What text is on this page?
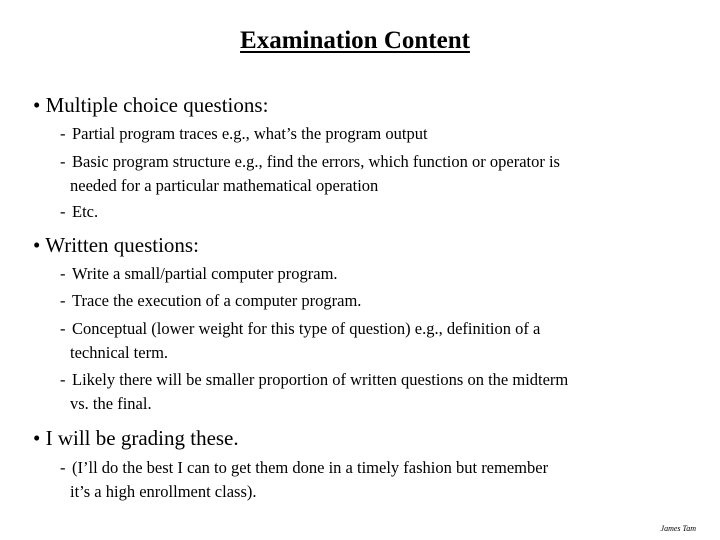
Examination Content
• Multiple choice questions:
- Partial program traces e.g., what’s the program output
- Basic program structure e.g., find the errors, which function or operator is
needed for a particular mathematical operation
- Etc.
• Written questions:
- Write a small/partial computer program.
- Trace the execution of a computer program.
- Conceptual (lower weight for this type of question) e.g., definition of a
technical term.
- Likely there will be smaller proportion of written questions on the midterm
vs. the final.
• I will be grading these.
- (I’ll do the best I can to get them done in a timely fashion but remember
it’s a high enrollment class).
James Tam
